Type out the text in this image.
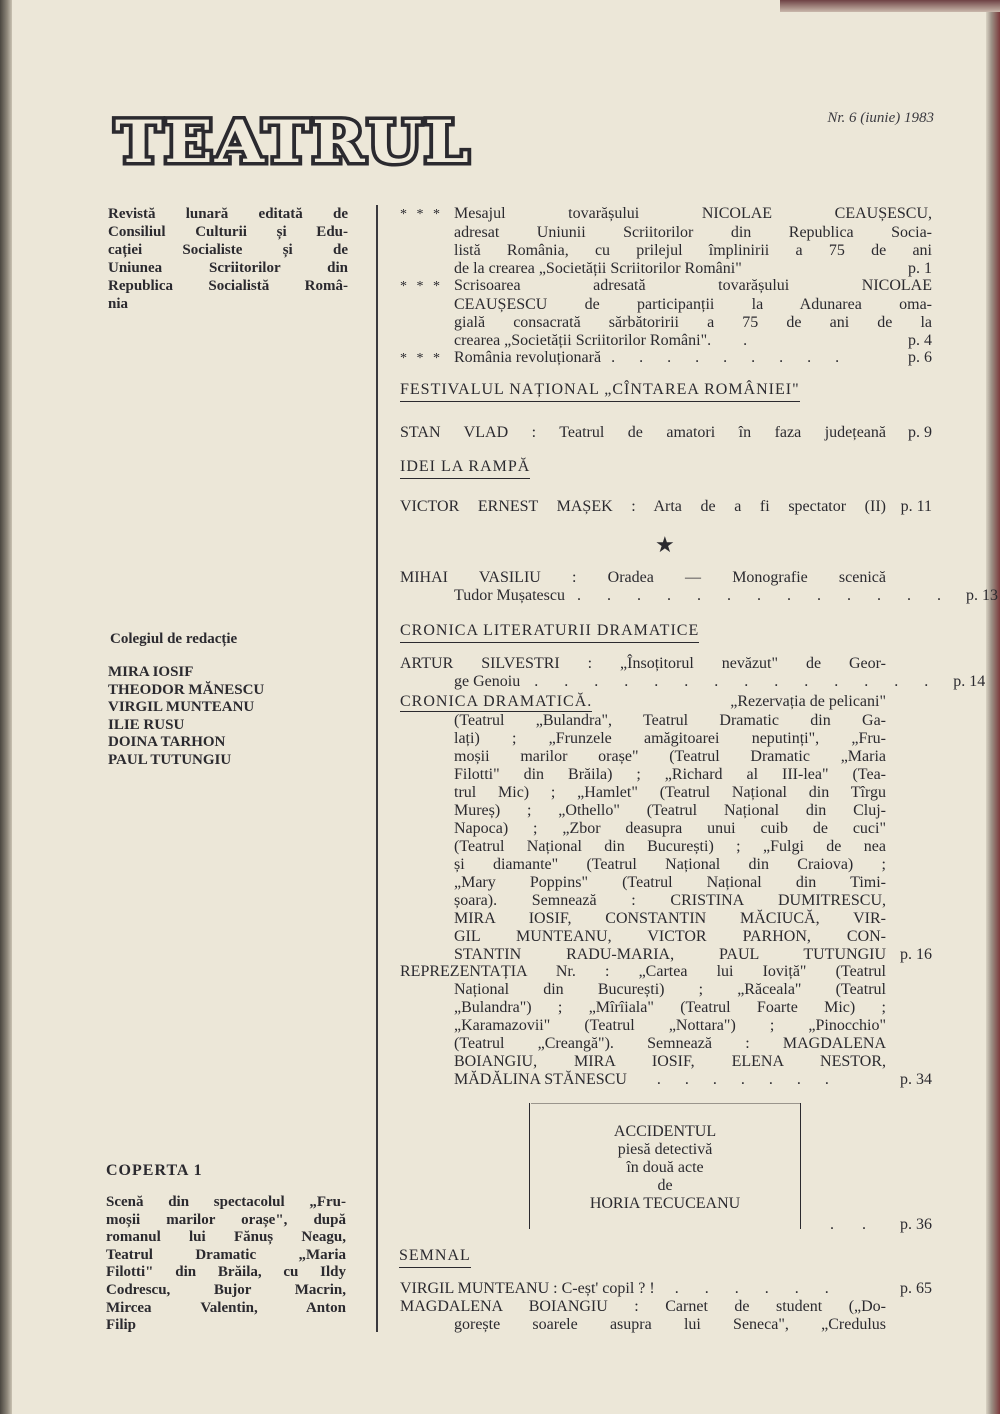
TEATRUL	Nr. 6 (iunie) 1983
Revistă lunară editată de
Consiliul Culturii și Edu-
cației Socialiste și de
Uniunea Scriitorilor din
Republica Socialistă Româ-
nia
Colegiul de redacție
MIRA IOSIF
THEODOR MĂNESCU
VIRGIL MUNTEANU
ILIE RUSU
DOINA TARHON
PAUL TUTUNGIU
COPERTA 1
Scenă din spectacolul „Fru-
moșii marilor orașe", după
romanul lui Fănuș Neagu,
Teatrul Dramatic „Maria
Filotti" din Brăila, cu Ildy
Codrescu, Bujor Macrin,
Mircea Valentin, Anton
Filip
* * * Mesajul tovarășului NICOLAE CEAUȘESCU,
adresat Uniunii Scriitorilor din Republica Socia-
listă România, cu prilejul împlinirii a 75 de ani
de la crearea „Societății Scriitorilor Români"	p. 1
* * * Scrisoarea adresată tovarășului NICOLAE
CEAUȘESCU de participanții la Adunarea oma-
gială consacrată sărbătoririi a 75 de ani de la
crearea „Societății Scriitorilor Români" . .	p. 4
* * * România revoluționară . . . . . . . . .	p. 6
FESTIVALUL NAȚIONAL „CÎNTAREA ROMÂNIEI"
STAN VLAD : Teatrul de amatori în faza județeană	p. 9
IDEI LA RAMPĂ
VICTOR ERNEST MAȘEK : Arta de a fi spectator (II) p. 11
★
MIHAI VASILIU : Oradea — Monografie scenică
Tudor Mușatescu . . . . . . . . . . . . . p. 13
CRONICA LITERATURII DRAMATICE
ARTUR SILVESTRI : „Însoțitorul nevăzut" de Geor-
ge Genoiu . . . . . . . . . . . . . . p. 14
CRONICA DRAMATICĂ.	„Rezervația de pelicani"
(Teatrul „Bulandra", Teatrul Dramatic din Ga-
lați) ; „Frunzele amăgitoarei neputinți", „Fru-
moșii marilor orașe" (Teatrul Dramatic „Maria
Filotti" din Brăila) ; „Richard al III-lea" (Tea-
trul Mic) ; „Hamlet" (Teatrul Național din Tîrgu
Mureș) ; „Othello" (Teatrul Național din Cluj-
Napoca) ; „Zbor deasupra unui cuib de cuci"
(Teatrul Național din București) ; „Fulgi de nea
și diamante" (Teatrul Național din Craiova) ;
„Mary Poppins" (Teatrul Național din Timi-
șoara). Semnează : CRISTINA DUMITRESCU,
MIRA IOSIF, CONSTANTIN MĂCIUCĂ, VIR-
GIL MUNTEANU, VICTOR PARHON, CON-
STANTIN RADU-MARIA, PAUL TUTUNGIU p. 16
REPREZENTAȚIA Nr. : „Cartea lui Ioviță" (Teatrul
Național din București) ; „Răceala" (Teatrul
„Bulandra") ; „Mîrîiala" (Teatrul Foarte Mic) ;
„Karamazovii" (Teatrul „Nottara") ; „Pinocchio"
(Teatrul „Creangă"). Semnează : MAGDALENA
BOIANGIU, MIRA IOSIF, ELENA NESTOR,
MĂDĂLINA STĂNESCU	. . . . . . .	p. 34
ACCIDENTUL
piesă detectivă
în două acte
de
HORIA TECUCEANU
. .	p. 36
SEMNAL
VIRGIL MUNTEANU : C-eșt' copil ? !	. . . . . .	p. 65
MAGDALENA BOIANGIU : Carnet de student („Do-
gorește soarele asupra lui Seneca", „Credulus
